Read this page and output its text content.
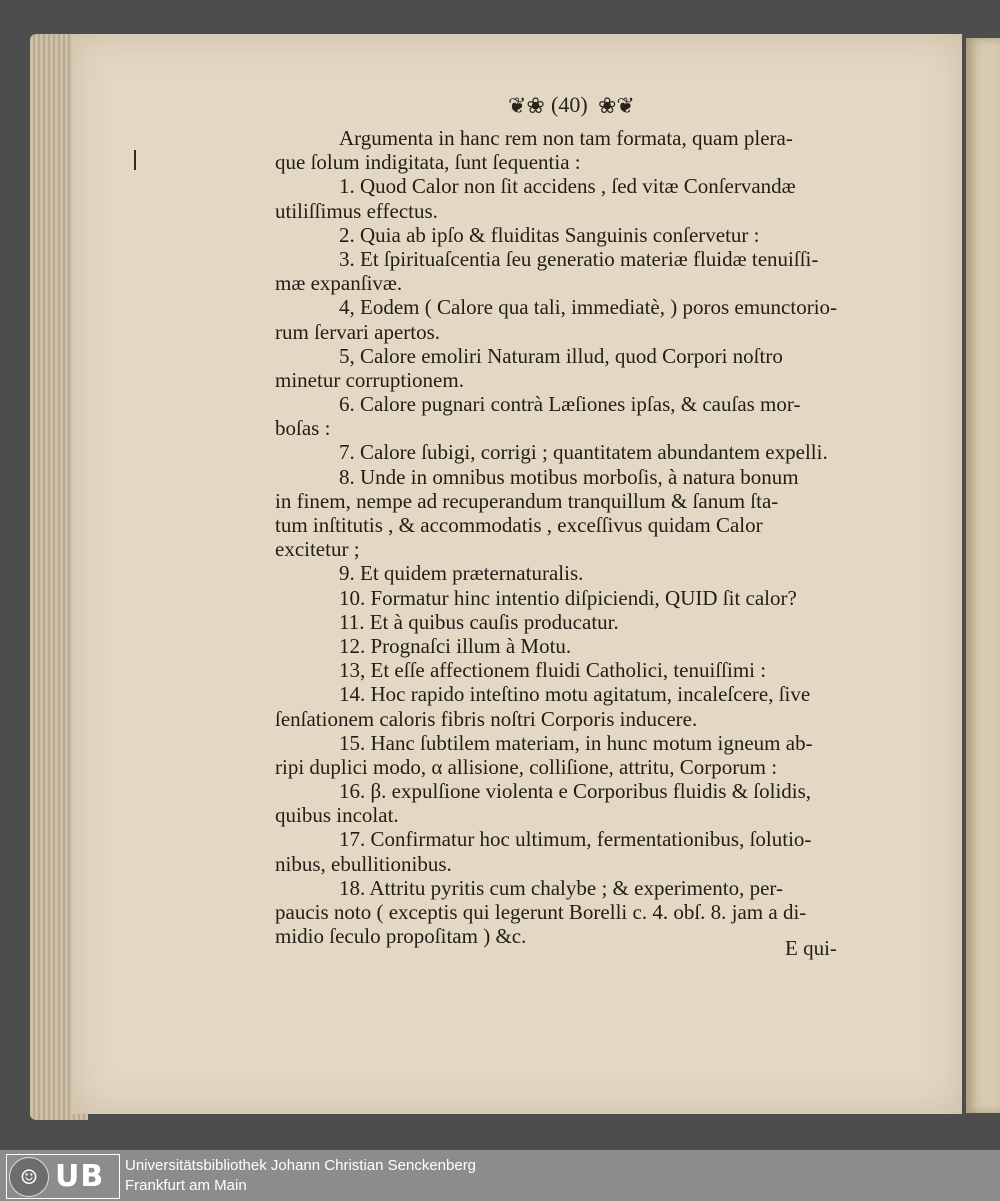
❦❀ (40) ❀❦
Argumenta in hanc rem non tam formata, quam plera-
que ſolum indigitata, ſunt ſequentia :
1. Quod Calor non ſit accidens , ſed vitæ Conſervandæ
utiliſſimus effectus.
2. Quia ab ipſo & fluiditas Sanguinis conſervetur :
3. Et ſpirituaſcentia ſeu generatio materiæ fluidæ tenuiſſi-
mæ expanſivæ.
4, Eodem ( Calore qua tali, immediatè, ) poros emunctorio-
rum ſervari apertos.
5, Calore emoliri Naturam illud, quod Corpori noſtro
minetur corruptionem.
6. Calore pugnari contrà Læſiones ipſas, & cauſas mor-
boſas :
7. Calore ſubigi, corrigi ; quantitatem abundantem expelli.
8. Unde in omnibus motibus morboſis, à natura bonum
in finem, nempe ad recuperandum tranquillum & ſanum ſta-
tum inſtitutis , & accommodatis , exceſſivus quidam Calor
excitetur ;
9. Et quidem præternaturalis.
10. Formatur hinc intentio diſpiciendi, QUID ſit calor?
11. Et à quibus cauſis producatur.
12. Prognaſci illum à Motu.
13, Et eſſe affectionem fluidi Catholici, tenuiſſimi :
14. Hoc rapido inteſtino motu agitatum, incaleſcere, ſive
ſenſationem caloris fibris noſtri Corporis inducere.
15. Hanc ſubtilem materiam, in hunc motum igneum ab-
ripi duplici modo, α allisione, colliſione, attritu, Corporum :
16. β. expulſione violenta e Corporibus fluidis & ſolidis,
quibus incolat.
17. Confirmatur hoc ultimum, fermentationibus, ſolutio-
nibus, ebullitionibus.
18. Attritu pyritis cum chalybe ; & experimento, per-
paucis noto ( exceptis qui legerunt Borelli c. 4. obſ. 8. jam a di-
midio ſeculo propoſitam ) &c.	E qui-
☺ UB Universitätsbibliothek Johann Christian Senckenberg
Frankfurt am Main
